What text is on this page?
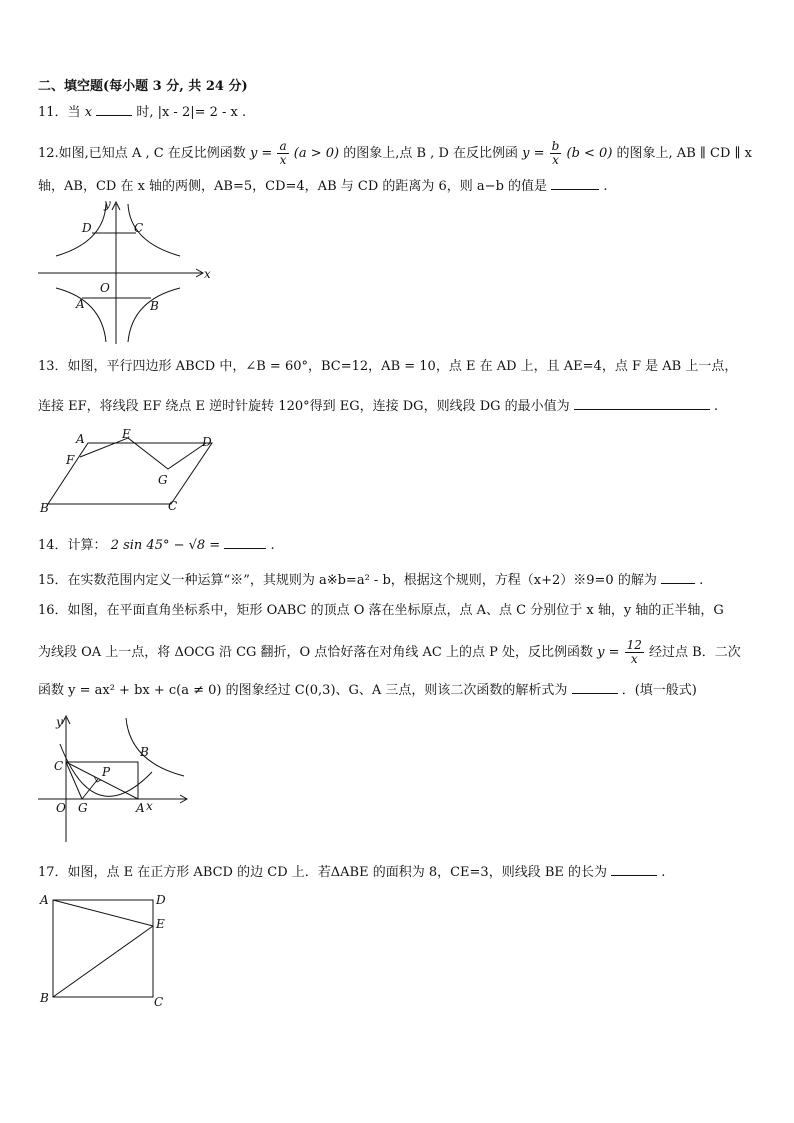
二、填空题(每小题 3 分, 共 24 分)
11．当 x	时, |x - 2|= 2 - x .
12.如图,已知点 A , C 在反比例函数 $y = \frac{a}{x} (a > 0)$ 的图象上,点 B , D 在反比例函 $y = \frac{b}{x} (b < 0)$ 的图象上, AB ∥ CD ∥ x
轴，AB，CD 在 x 轴的两侧，AB=5，CD=4，AB 与 CD 的距离为 6，则 a−b 的值是	.
D	C
O
A	B
x
y
13．如图，平行四边形 ABCD 中，∠B = 60°，BC=12，AB = 10，点 E 在 AD 上，且 AE=4，点 F 是 AB 上一点，
连接 EF，将线段 EF 绕点 E 逆时针旋转 120°得到 EG，连接 DG，则线段 DG 的最小值为	.
A	E
D
F
G
B	C
14．计算： 2 sin 45° − √8 =	.
15．在实数范围内定义一种运算“※”，其规则为 a※b=a² - b，根据这个规则，方程（x+2）※9=0 的解为	.
16．如图，在平面直角坐标系中，矩形 OABC 的顶点 O 落在坐标原点，点 A、点 C 分别位于 x 轴，y 轴的正半轴，G
为线段 OA 上一点，将 ΔOCG 沿 CG 翻折，O 点恰好落在对角线 AC 上的点 P 处，反比例函数 $y = \frac{12}{x}$ 经过点 B．二次
函数 y = ax² + bx + c(a ≠ 0) 的图象经过 C(0,3)、G、A 三点，则该二次函数的解析式为	．(填一般式)
y
C
B
P
O G	A x
17．如图，点 E 在正方形 ABCD 的边 CD 上．若ΔABE 的面积为 8，CE=3，则线段 BE 的长为	.
A	D
E
B	C
